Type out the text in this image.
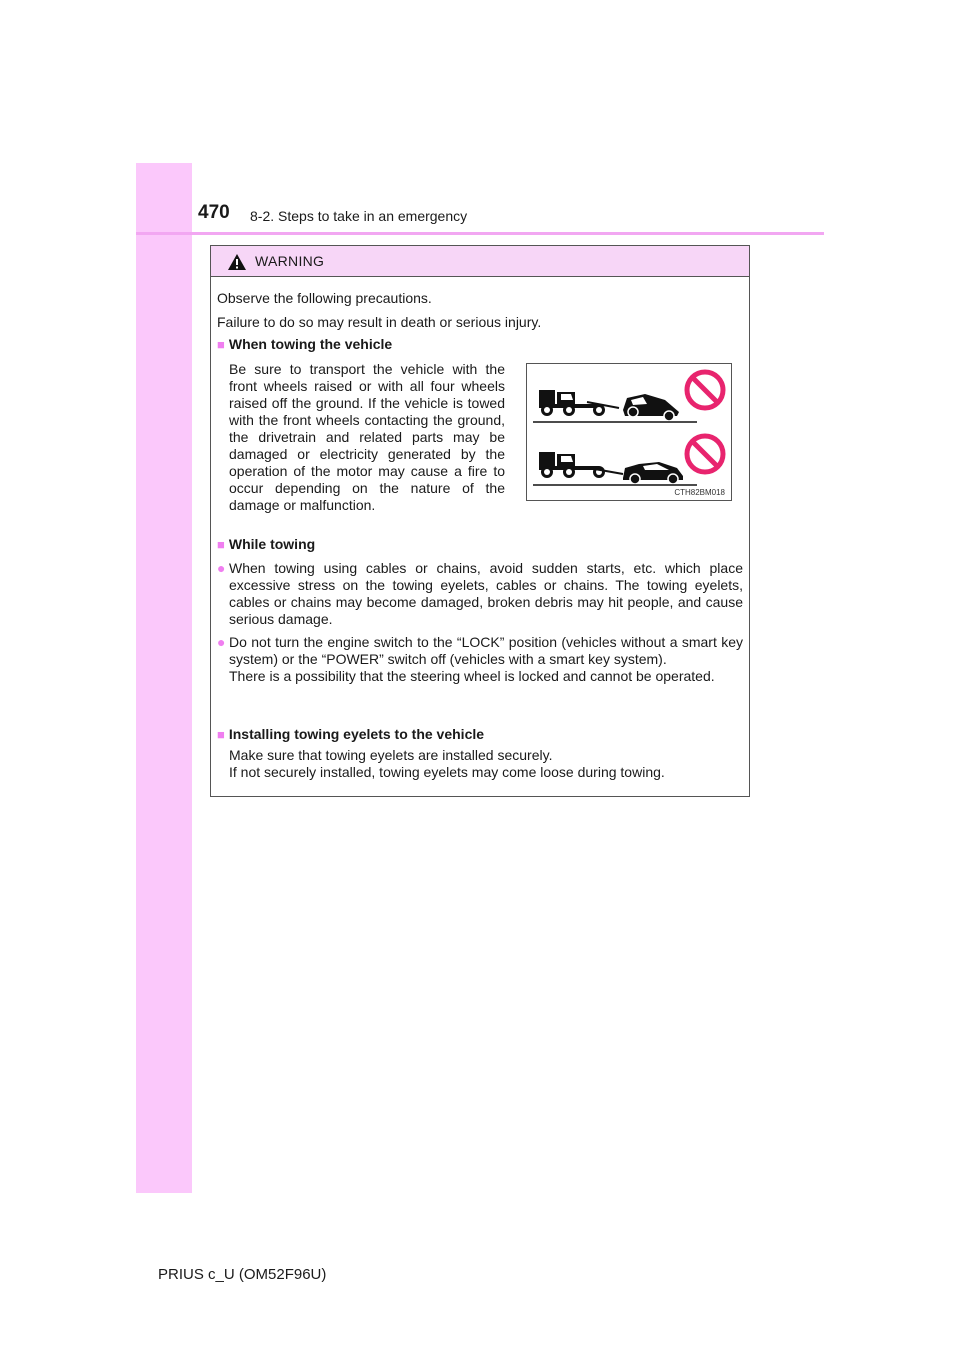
470 8-2. Steps to take in an emergency
WARNING
Observe the following precautions.
Failure to do so may result in death or serious injury.
■ When towing the vehicle
Be sure to transport the vehicle with the front wheels raised or with all four wheels raised off the ground. If the vehicle is towed with the front wheels contacting the ground, the drivetrain and related parts may be damaged or electricity generated by the operation of the motor may cause a fire to occur depending on the nature of the damage or malfunction.
CTH82BM018
■ While towing
● When towing using cables or chains, avoid sudden starts, etc. which place excessive stress on the towing eyelets, cables or chains. The towing eyelets, cables or chains may become damaged, broken debris may hit people, and cause serious damage.
● Do not turn the engine switch to the “LOCK” position (vehicles without a smart key system) or the “POWER” switch off (vehicles with a smart key system).
There is a possibility that the steering wheel is locked and cannot be operated.
■ Installing towing eyelets to the vehicle
Make sure that towing eyelets are installed securely.
If not securely installed, towing eyelets may come loose during towing.
PRIUS c_U (OM52F96U)
